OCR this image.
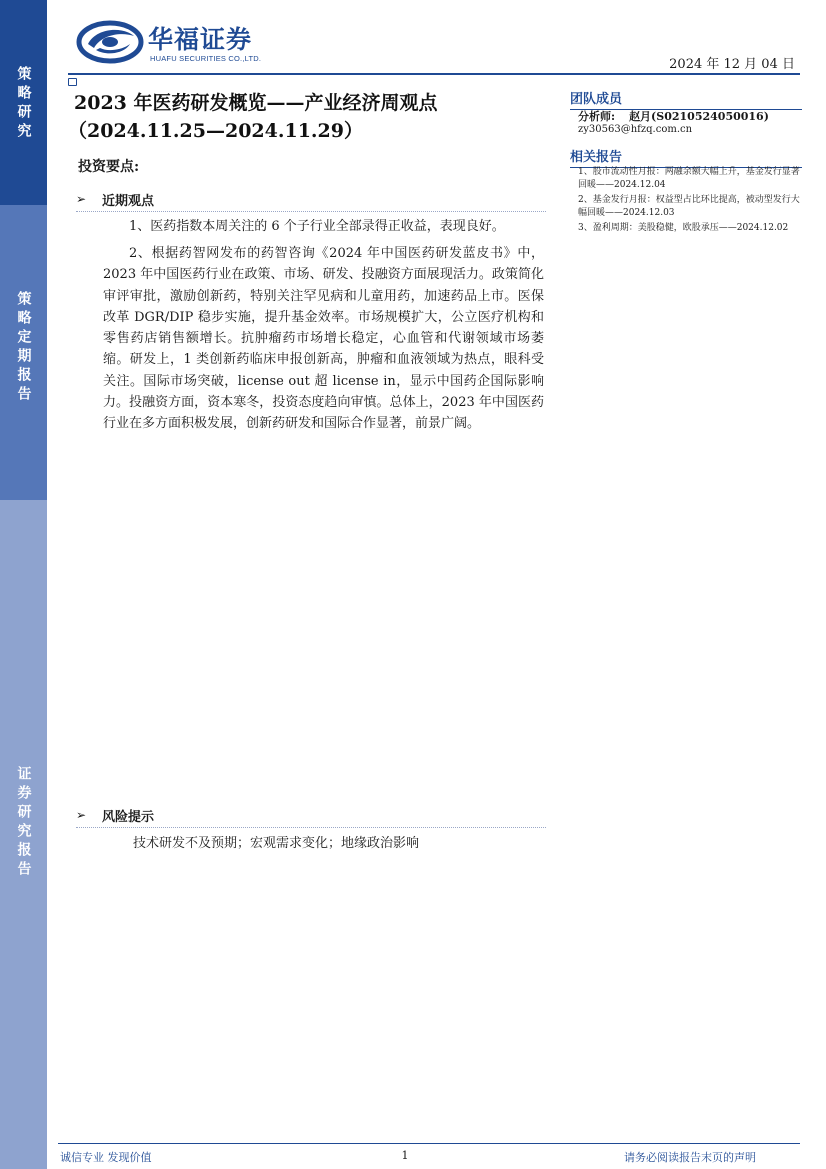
策略研究
策略定期报告
证券研究报告
华福证券
HUAFU SECURITIES CO.,LTD.	2024 年 12 月 04 日
2023 年医药研发概览——产业经济周观点
（2024.11.25—2024.11.29）
投资要点:
➢	近期观点

1、医药指数本周关注的 6 个子行业全部录得正收益，表现良好。

2、根据药智网发布的药智咨询《2024 年中国医药研发蓝皮书》中，2023 年中国医药行业在政策、市场、研发、投融资方面展现活力。政策简化审评审批，激励创新药，特别关注罕见病和儿童用药，加速药品上市。医保改革 DGR/DIP 稳步实施，提升基金效率。市场规模扩大，公立医疗机构和零售药店销售额增长。抗肿瘤药市场增长稳定，心血管和代谢领域市场萎缩。研发上，1 类创新药临床申报创新高，肿瘤和血液领域为热点，眼科受关注。国际市场突破，license out 超 license in，显示中国药企国际影响力。投融资方面，资本寒冬，投资态度趋向审慎。总体上，2023 年中国医药行业在多方面积极发展，创新药研发和国际合作显著，前景广阔。

➢	风险提示
技术研发不及预期；宏观需求变化；地缘政治影响
团队成员
分析师: 赵月(S0210524050016)
zy30563@hfzq.com.cn
相关报告
1、股市流动性月报：两融余额大幅上升，基金发行显著回暖——2024.12.04
2、基金发行月报：权益型占比环比提高，被动型发行大幅回暖——2024.12.03
3、盈利周期：美股稳健，欧股承压——2024.12.02
诚信专业 发现价值	1	请务必阅读报告末页的声明
